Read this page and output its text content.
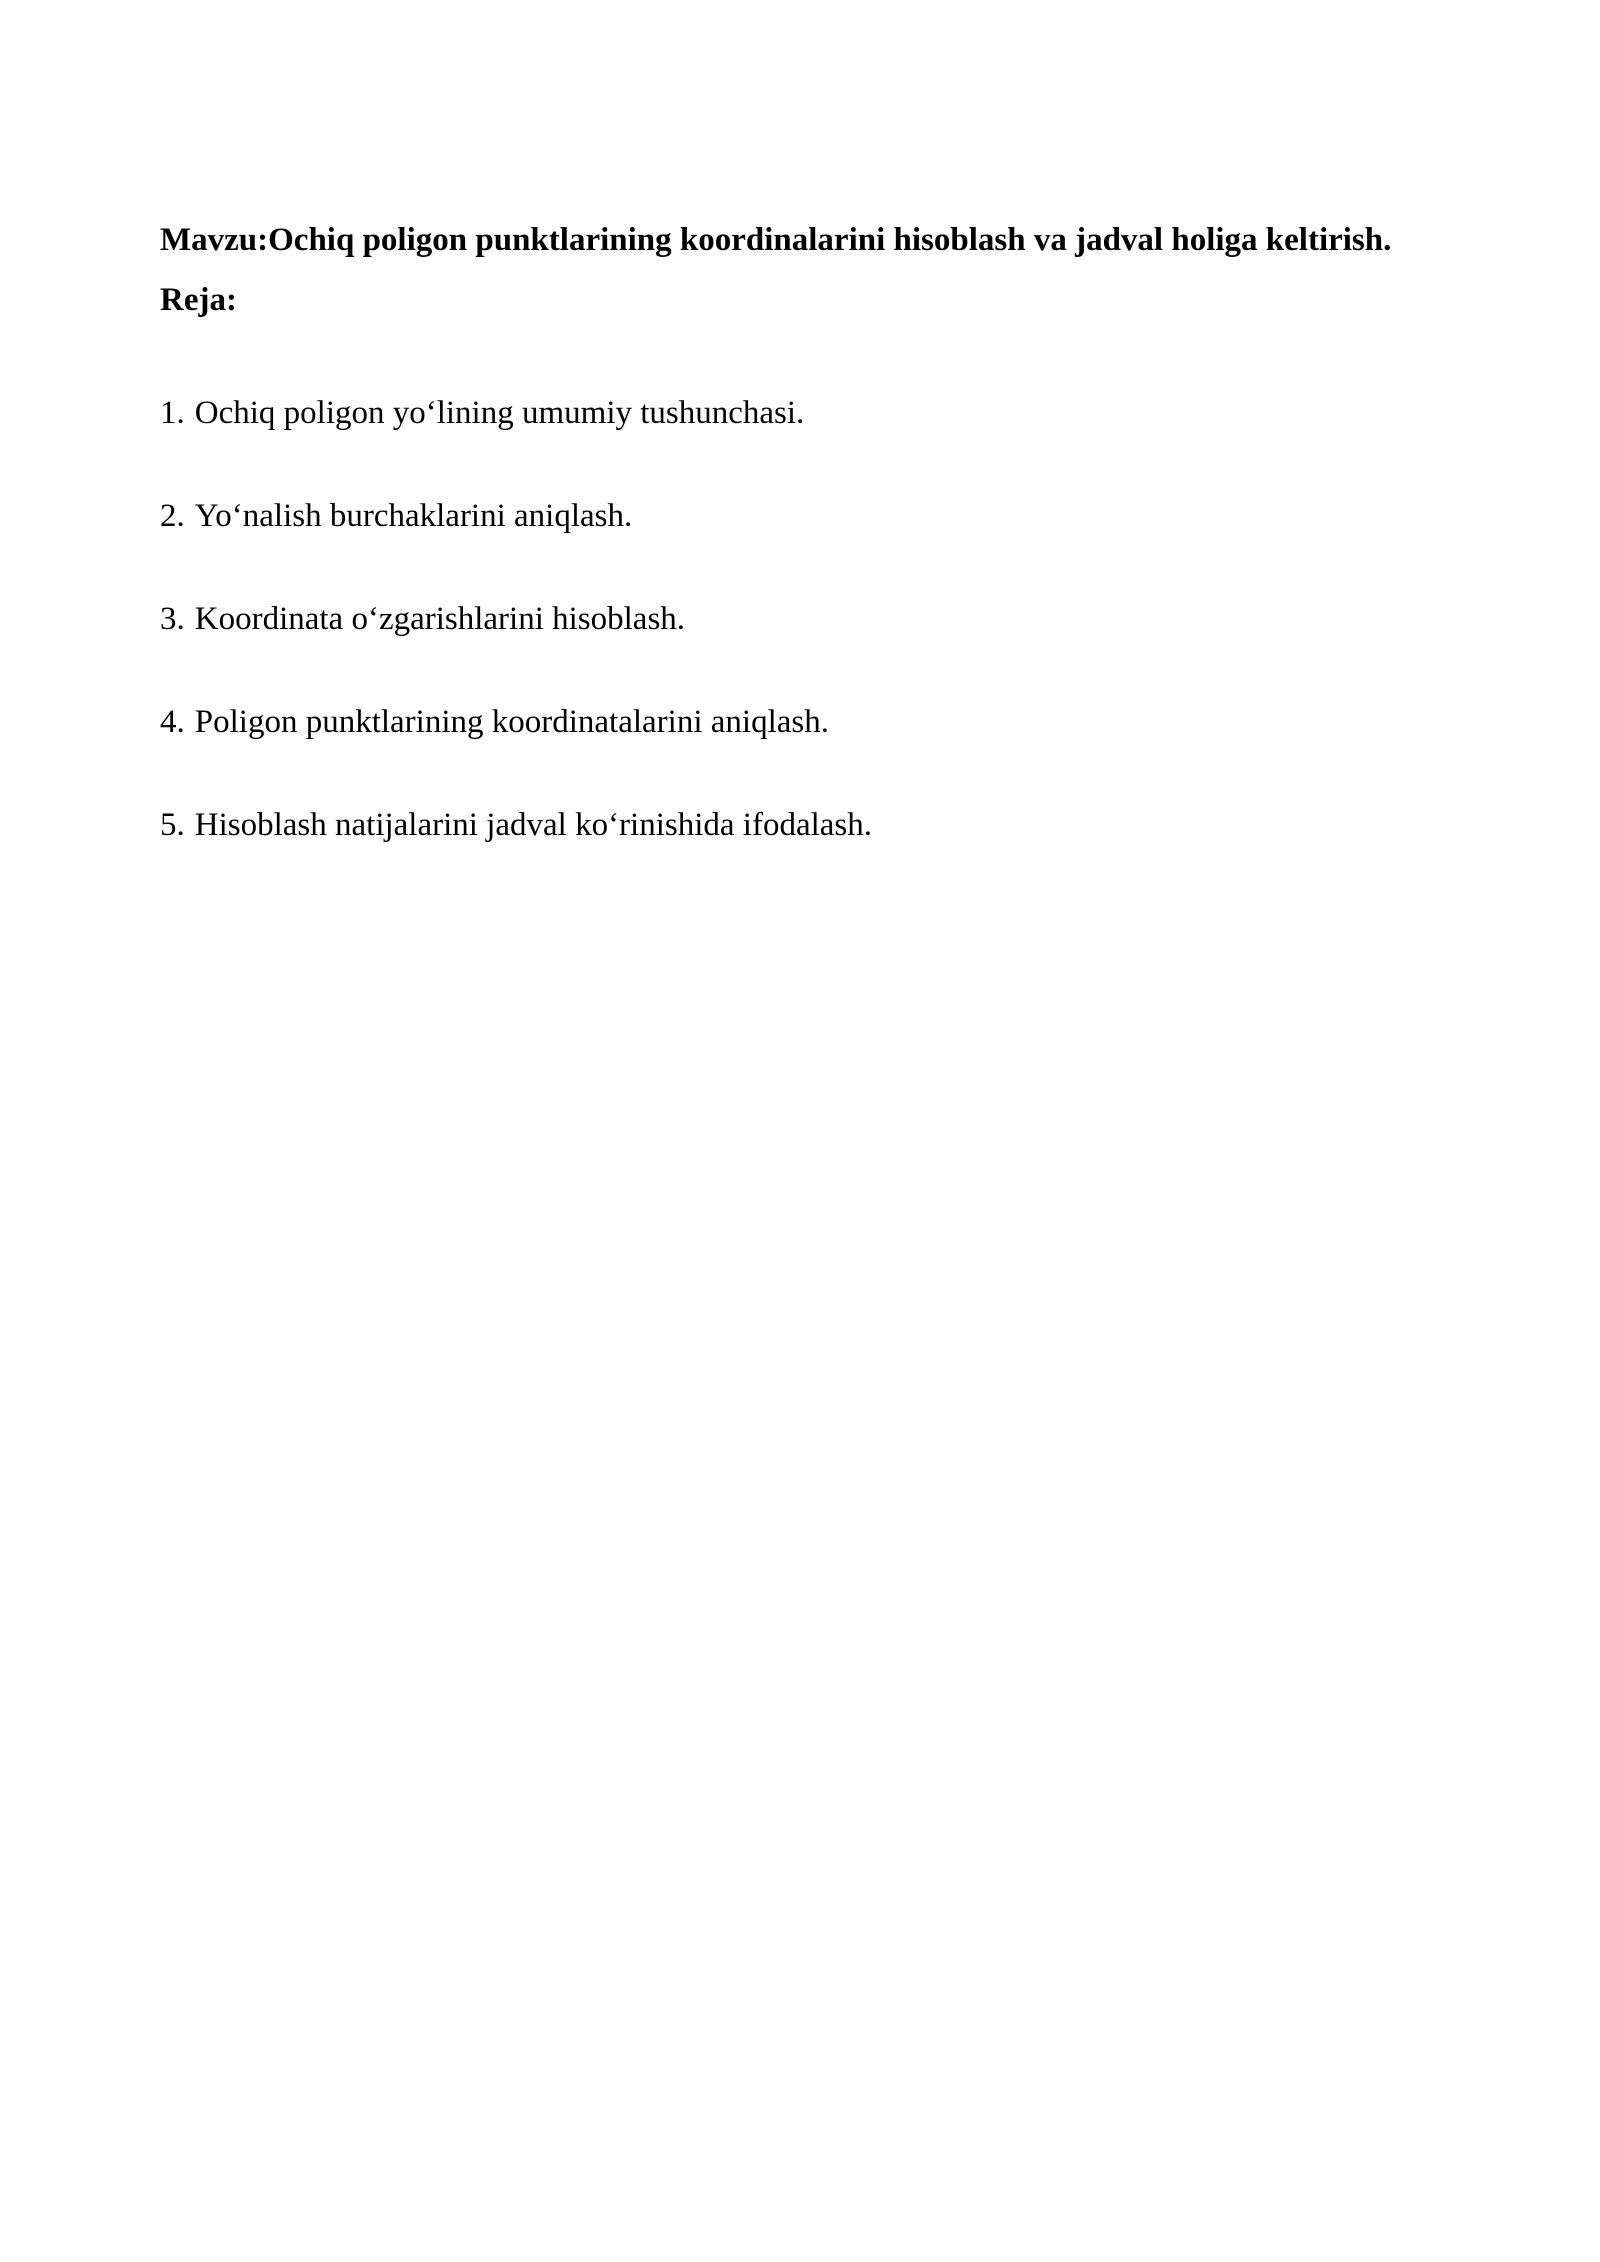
Mavzu:Ochiq poligon punktlarining koordinalarini hisoblash va jadval holiga keltirish.

Reja:

1. Ochiq poligon yo‘lining umumiy tushunchasi.

2. Yo‘nalish burchaklarini aniqlash.

3. Koordinata o‘zgarishlarini hisoblash.

4. Poligon punktlarining koordinatalarini aniqlash.

5. Hisoblash natijalarini jadval ko‘rinishida ifodalash.
